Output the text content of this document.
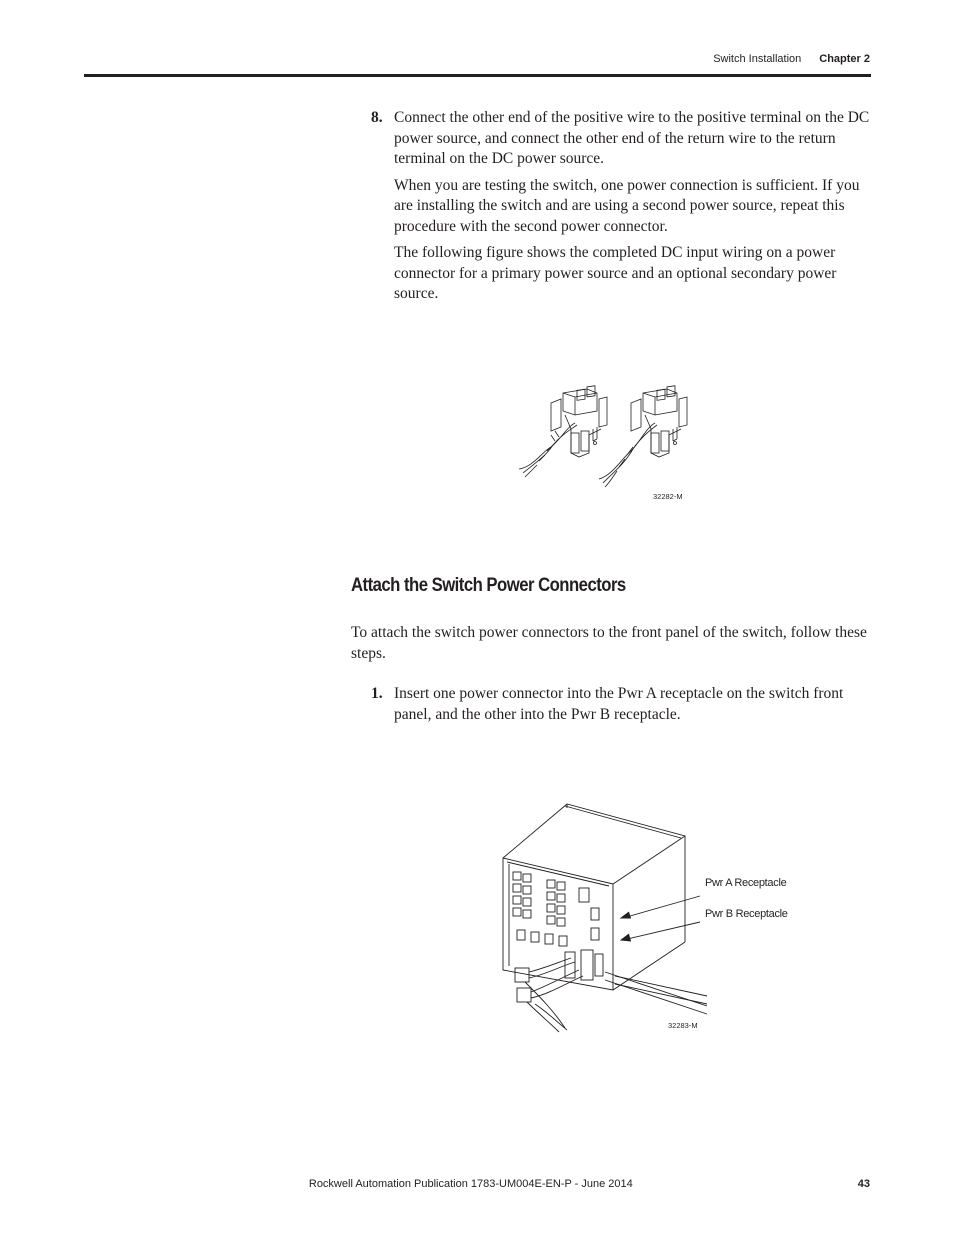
Switch Installation Chapter 2
8. Connect the other end of the positive wire to the positive terminal on the DC power source, and connect the other end of the return wire to the return terminal on the DC power source.

When you are testing the switch, one power connection is sufficient. If you are installing the switch and are using a second power source, repeat this procedure with the second power connector.

The following figure shows the completed DC input wiring on a power connector for a primary power source and an optional secondary power source.

32282-M
Attach the Switch Power Connectors

To attach the switch power connectors to the front panel of the switch, follow these steps.

1. Insert one power connector into the Pwr A receptacle on the switch front panel, and the other into the Pwr B receptacle.

Pwr A Receptacle
Pwr B Receptacle
32283-M
Rockwell Automation Publication 1783-UM004E-EN-P - June 2014	43
